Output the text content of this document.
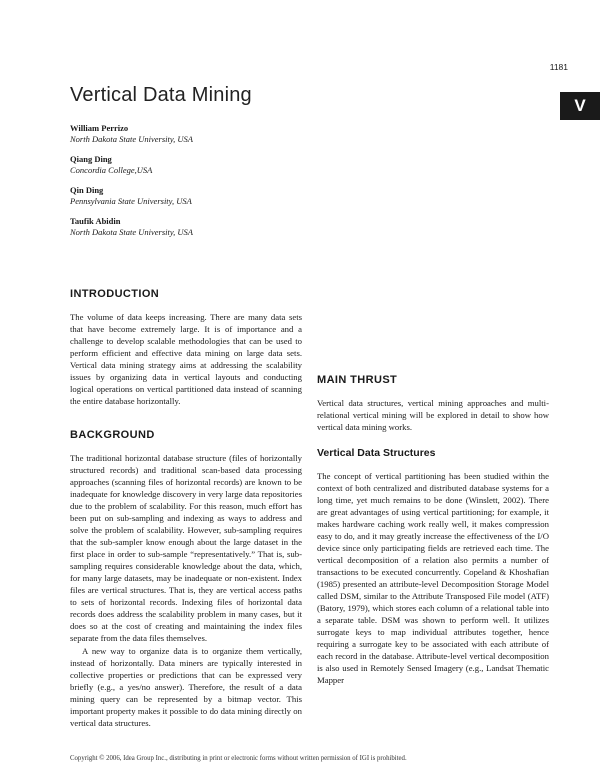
1181
V
Vertical Data Mining
William Perrizo
North Dakota State University, USA
Qiang Ding
Concordia College,USA
Qin Ding
Pennsylvania State University, USA
Taufik Abidin
North Dakota State University, USA
INTRODUCTION

The volume of data keeps increasing. There are many data sets that have become extremely large. It is of importance and a challenge to develop scalable methodologies that can be used to perform efficient and effective data mining on large data sets. Vertical data mining strategy aims at addressing the scalability issues by organizing data in vertical layouts and conducting logical operations on vertical partitioned data instead of scanning the entire database horizontally.

BACKGROUND

The traditional horizontal database structure (files of horizontally structured records) and traditional scan-based data processing approaches (scanning files of horizontal records) are known to be inadequate for knowledge discovery in very large data repositories due to the problem of scalability. For this reason, much effort has been put on sub-sampling and indexing as ways to address and solve the problem of scalability. However, sub-sampling requires that the sub-sampler know enough about the large dataset in the first place in order to sub-sample “representatively.” That is, sub-sampling requires considerable knowledge about the data, which, for many large datasets, may be inadequate or non-existent. Index files are vertical structures. That is, they are vertical access paths to sets of horizontal records. Indexing files of horizontal data records does address the scalability problem in many cases, but it does so at the cost of creating and maintaining the index files separate from the data files themselves.

A new way to organize data is to organize them vertically, instead of horizontally. Data miners are typically interested in collective properties or predictions that can be expressed very briefly (e.g., a yes/no answer). Therefore, the result of a data mining query can be represented by a bitmap vector. This important property makes it possible to do data mining directly on vertical data structures.

MAIN THRUST

Vertical data structures, vertical mining approaches and multi-relational vertical mining will be explored in detail to show how vertical data mining works.

Vertical Data Structures

The concept of vertical partitioning has been studied within the context of both centralized and distributed database systems for a long time, yet much remains to be done (Winslett, 2002). There are great advantages of using vertical partitioning; for example, it makes hardware caching work really well, it makes compression easy to do, and it may greatly increase the effectiveness of the I/O device since only participating fields are retrieved each time. The vertical decomposition of a relation also permits a number of transactions to be executed concurrently. Copeland & Khoshafian (1985) presented an attribute-level Decomposition Storage Model called DSM, similar to the Attribute Transposed File model (ATF) (Batory, 1979), which stores each column of a relational table into a separate table. DSM was shown to perform well. It utilizes surrogate keys to map individual attributes together, hence requiring a surrogate key to be associated with each attribute of each record in the database. Attribute-level vertical decomposition is also used in Remotely Sensed Imagery (e.g., Landsat Thematic Mapper

Copyright © 2006, Idea Group Inc., distributing in print or electronic forms without written permission of IGI is prohibited.
